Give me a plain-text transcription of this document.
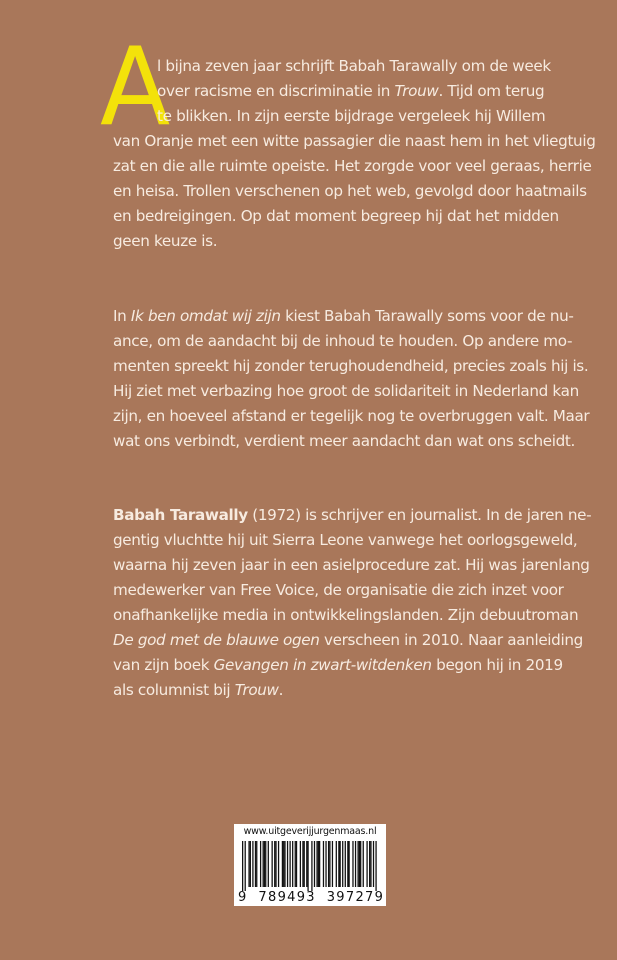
A
l bijna zeven jaar schrijft Babah Tarawally om de week
over racisme en discriminatie in Trouw. Tijd om terug
te blikken. In zijn eerste bijdrage vergeleek hij Willem
van Oranje met een witte passagier die naast hem in het vliegtuig
zat en die alle ruimte opeiste. Het zorgde voor veel geraas, herrie
en heisa. Trollen verschenen op het web, gevolgd door haatmails
en bedreigingen. Op dat moment begreep hij dat het midden
geen keuze is.
In Ik ben omdat wij zijn kiest Babah Tarawally soms voor de nu-
ance, om de aandacht bij de inhoud te houden. Op andere mo-
menten spreekt hij zonder terughoudendheid, precies zoals hij is.
Hij ziet met verbazing hoe groot de solidariteit in Nederland kan
zijn, en hoeveel afstand er tegelijk nog te overbruggen valt. Maar
wat ons verbindt, verdient meer aandacht dan wat ons scheidt.
Babah Tarawally (1972) is schrijver en journalist. In de jaren ne-
gentig vluchtte hij uit Sierra Leone vanwege het oorlogsgeweld,
waarna hij zeven jaar in een asielprocedure zat. Hij was jarenlang
medewerker van Free Voice, de organisatie die zich inzet voor
onafhankelijke media in ontwikkelingslanden. Zijn debuutroman
De god met de blauwe ogen verscheen in 2010. Naar aanleiding
van zijn boek Gevangen in zwart-witdenken begon hij in 2019
als columnist bij Trouw.
www.uitgeverijjurgenmaas.nl
9  789493  397279
